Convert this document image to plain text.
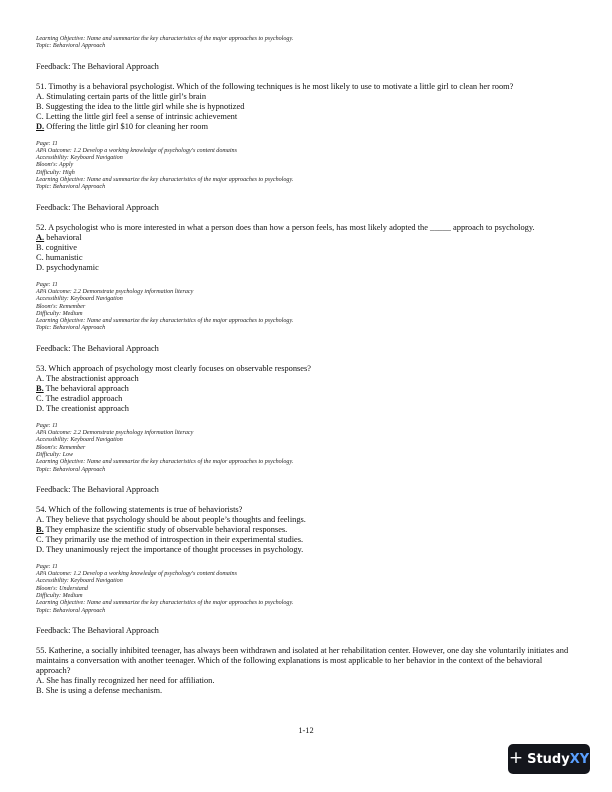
Learning Objective: Name and summarize the key characteristics of the major approaches to psychology.
Topic: Behavioral Approach
Feedback: The Behavioral Approach

51. Timothy is a behavioral psychologist. Which of the following techniques is he most likely to use to motivate a little girl to clean her room?

A. Stimulating certain parts of the little girl’s brain

B. Suggesting the idea to the little girl while she is hypnotized

C. Letting the little girl feel a sense of intrinsic achievement

D. Offering the little girl $10 for cleaning her room

Page: 11
APA Outcome: 1.2 Develop a working knowledge of psychology's content domains
Accessibility: Keyboard Navigation
Bloom's: Apply
Difficulty: High
Learning Objective: Name and summarize the key characteristics of the major approaches to psychology.
Topic: Behavioral Approach
Feedback: The Behavioral Approach

52. A psychologist who is more interested in what a person does than how a person feels, has most likely adopted the _____ approach to psychology.

A. behavioral

B. cognitive

C. humanistic

D. psychodynamic

Page: 11
APA Outcome: 2.2 Demonstrate psychology information literacy
Accessibility: Keyboard Navigation
Bloom's: Remember
Difficulty: Medium
Learning Objective: Name and summarize the key characteristics of the major approaches to psychology.
Topic: Behavioral Approach
Feedback: The Behavioral Approach

53. Which approach of psychology most clearly focuses on observable responses?

A. The abstractionist approach

B. The behavioral approach

C. The estradiol approach

D. The creationist approach

Page: 11
APA Outcome: 2.2 Demonstrate psychology information literacy
Accessibility: Keyboard Navigation
Bloom's: Remember
Difficulty: Low
Learning Objective: Name and summarize the key characteristics of the major approaches to psychology.
Topic: Behavioral Approach
Feedback: The Behavioral Approach

54. Which of the following statements is true of behaviorists?

A. They believe that psychology should be about people’s thoughts and feelings.

B. They emphasize the scientific study of observable behavioral responses.

C. They primarily use the method of introspection in their experimental studies.

D. They unanimously reject the importance of thought processes in psychology.

Page: 11
APA Outcome: 1.2 Develop a working knowledge of psychology's content domains
Accessibility: Keyboard Navigation
Bloom's: Understand
Difficulty: Medium
Learning Objective: Name and summarize the key characteristics of the major approaches to psychology.
Topic: Behavioral Approach
Feedback: The Behavioral Approach

55. Katherine, a socially inhibited teenager, has always been withdrawn and isolated at her rehabilitation center. However, one day she voluntarily initiates and maintains a conversation with another teenager. Which of the following explanations is most applicable to her behavior in the context of the behavioral approach?

A. She has finally recognized her need for affiliation.

B. She is using a defense mechanism.

1-12
+ StudyXY
